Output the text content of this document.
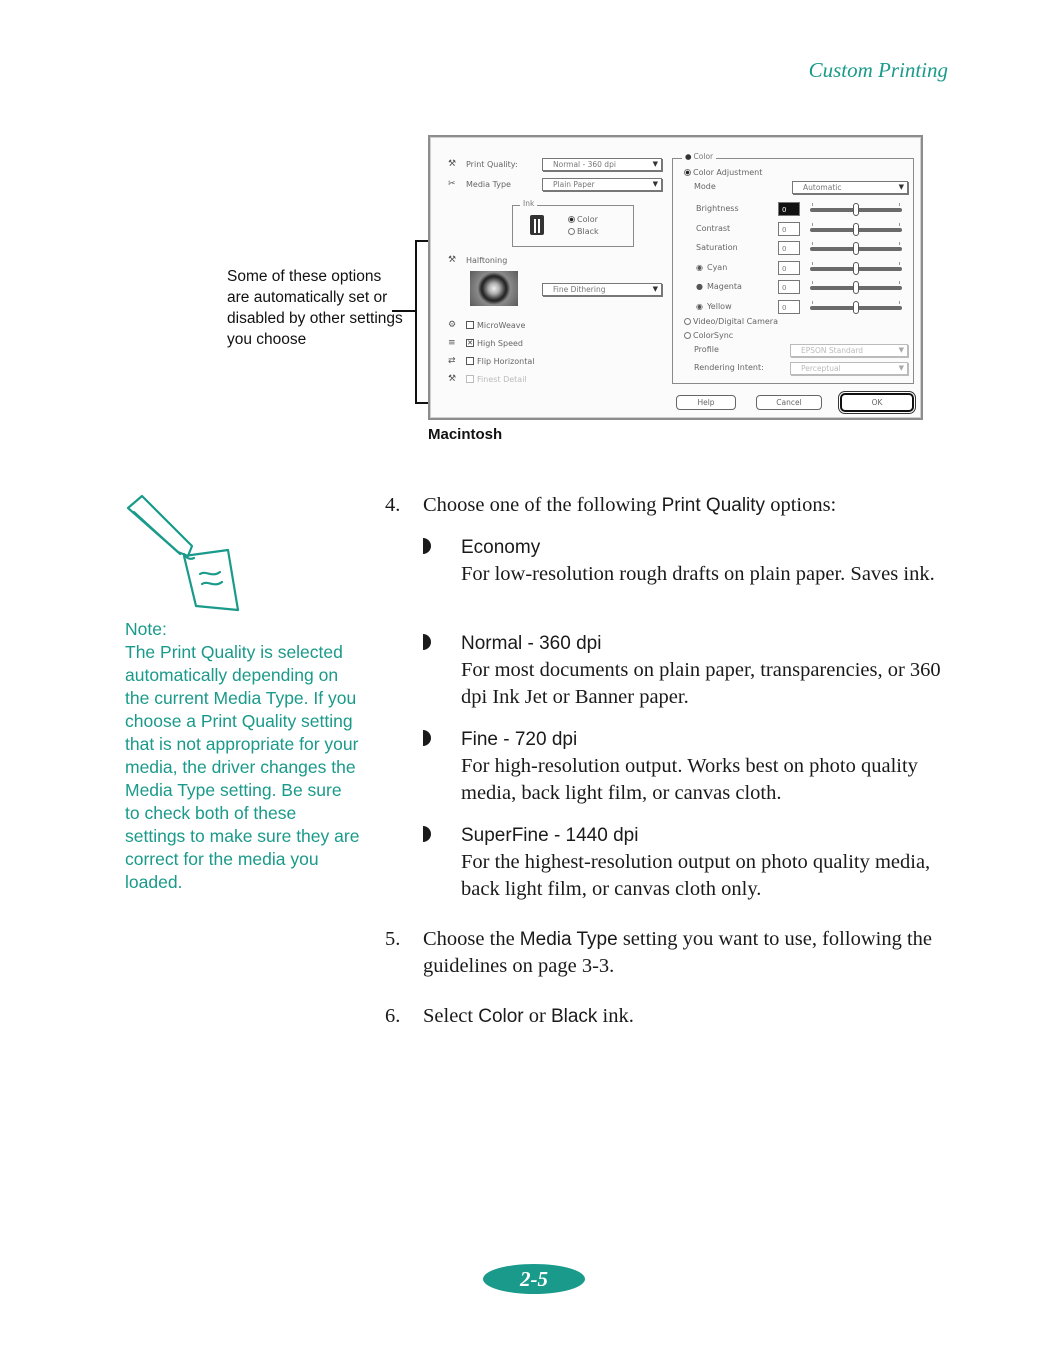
Custom Printing
Some of these options are automatically set or disabled by other settings you choose
⚒	Print Quality:	Normal - 360 dpi	▼
✂	Media Type	Plain Paper	▼
Ink
Color
Black
⚒	Halftoning
Fine Dithering	▼
⚙	MicroWeave
≡	✕ High Speed
⇄	Flip Horizontal
⚒	Finest Detail
● Color
Color Adjustment
Mode	Automatic	▼
Video/Digital Camera
ColorSync
Profile	EPSON Standard	▼
Rendering Intent:	Perceptual	▼
Help	Cancel	OK
Brightness	0
Contrast	0
Saturation	0
◉ Cyan	0
● Magenta	0
◉ Yellow	0
Macintosh
Note:
The Print Quality is selected automatically depending on the current Media Type. If you choose a Print Quality setting that is not appropriate for your media, the driver changes the Media Type setting. Be sure to check both of these settings to make sure they are correct for the media you loaded.
4. Choose one of the following Print Quality options:
Economy
For low-resolution rough drafts on plain paper. Saves ink.
Normal - 360 dpi
For most documents on plain paper, transparencies, or 360 dpi Ink Jet or Banner paper.
Fine - 720 dpi
For high-resolution output. Works best on photo quality media, back light film, or canvas cloth.
SuperFine - 1440 dpi
For the highest-resolution output on photo quality media, back light film, or canvas cloth only.
5. Choose the Media Type setting you want to use, following the guidelines on page 3-3.
6. Select Color or Black ink.
2-5
